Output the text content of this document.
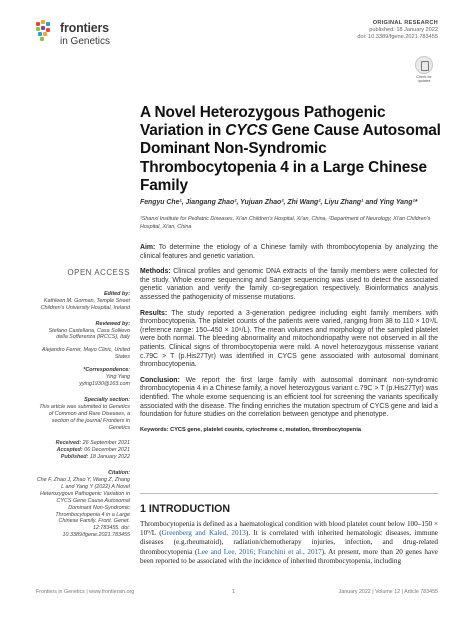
frontiers
in Genetics
ORIGINAL RESEARCH
published: 18 January 2022
doi: 10.3389/fgene.2021.783455
Check for updates
A Novel Heterozygous Pathogenic Variation in CYCS Gene Cause Autosomal Dominant Non-Syndromic Thrombocytopenia 4 in a Large Chinese Family
Fengyu Che¹, Jiangang Zhao², Yujuan Zhao², Zhi Wang², Liyu Zhang¹ and Ying Yang¹*
¹Shanxi Institute for Pediatric Diseases, Xi'an Children's Hospital, Xi'an, China, ²Department of Neurology, Xi'an Children's Hospital, Xi'an, China
OPEN ACCESS
Edited by:
Kathleen M. Gorman, Temple Street Children's University Hospital, Ireland
Reviewed by:
Stefano Castellana, Casa Sollievo della Sofferenza (IRCCS), Italy
Alejandro Ferrer, Mayo Clinic, United States
*Correspondence:
Ying Yang
yying1930@163.com
Specialty section:
This article was submitted to Genetics of Common and Rare Diseases, a section of the journal Frontiers in Genetics
Received: 26 September 2021
Accepted: 06 December 2021
Published: 18 January 2022
Citation:
Che F, Zhao J, Zhao Y, Wang Z, Zhang L and Yang Y (2022) A Novel Heterozygous Pathogenic Variation in CYCS Gene Cause Autosomal Dominant Non-Syndromic Thrombocytopenia 4 in a Large Chinese Family. Front. Genet. 12:783455. doi: 10.3389/fgene.2021.783455

Aim: To determine the etiology of a Chinese family with thrombocytopenia by analyzing the clinical features and genetic variation.

Methods: Clinical profiles and genomic DNA extracts of the family members were collected for the study. Whole exome sequencing and Sanger sequencing was used to detect the associated genetic variation and verify the family co-segregation respectively. Bioinformatics analysis assessed the pathogenicity of missense mutations.

Results: The study reported a 3-generation pedigree including eight family members with thrombocytopenia. The platelet counts of the patients were varied, ranging from 38 to 110 × 10⁹/L (reference range: 150–450 × 10⁹/L). The mean volumes and morphology of the sampled platelet were both normal. The bleeding abnormality and mitochondriopathy were not observed in all the patients. Clinical signs of thrombocytopenia were mild. A novel heterozygous missense variant c.79C > T (p.His27Tyr) was identified in CYCS gene associated with autosomal dominant thrombocytopenia.

Conclusion: We report the first large family with autosomal dominant non-syndromic thrombocytopenia 4 in a Chinese family, a novel heterozygous variant c.79C > T (p.His27Tyr) was identified. The whole exome sequencing is an efficient tool for screening the variants specifically associated with the disease. The finding enriches the mutation spectrum of CYCS gene and laid a foundation for future studies on the correlation between genotype and phenotype.

Keywords: CYCS gene, platelet counts, cytochrome c, mutation, thrombocytopenia

1 INTRODUCTION
Thrombocytopenia is defined as a haematological condition with blood platelet count below 100–150 × 10⁹/L (Greenberg and Kaled, 2013). It is correlated with inherited hematologic diseases, immune diseases (e.g.rheumatoid), radiation/chemotherapy injuries, infection, and drug-related thrombocytopenia (Lee and Lee, 2016; Franchini et al., 2017). At present, more than 20 genes have been reported to be associated with the incidence of inherited thrombocytopenia, including
Frontiers in Genetics | www.frontiersin.org	1	January 2022 | Volume 12 | Article 783455
